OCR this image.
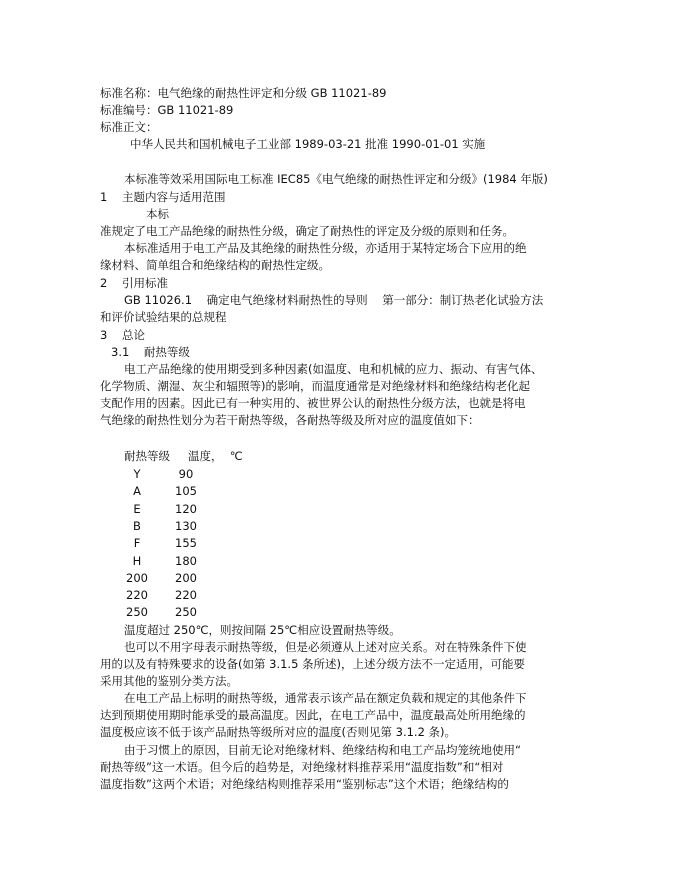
标准名称：电气绝缘的耐热性评定和分级 GB 11021-89
标准编号：GB 11021-89
标准正文：
中华人民共和国机械电子工业部 1989-03-21 批准 1990-01-01 实施
本标准等效采用国际电工标准 IEC85《电气绝缘的耐热性评定和分级》(1984 年版)
1    主题内容与适用范围
本标
准规定了电工产品绝缘的耐热性分级，确定了耐热性的评定及分级的原则和任务。
本标准适用于电工产品及其绝缘的耐热性分级，亦适用于某特定场合下应用的绝
缘材料、简单组合和绝缘结构的耐热性定级。
2    引用标准
GB 11026.1    确定电气绝缘材料耐热性的导则    第一部分：制订热老化试验方法
和评价试验结果的总规程
3    总论
3.1    耐热等级
电工产品绝缘的使用期受到多种因素(如温度、电和机械的应力、振动、有害气体、
化学物质、潮湿、灰尘和辐照等)的影响，而温度通常是对绝缘材料和绝缘结构老化起
支配作用的因素。因此已有一种实用的、被世界公认的耐热性分级方法，也就是将电
气绝缘的耐热性划分为若干耐热等级，各耐热等级及所对应的温度值如下：
耐热等级 温度，  ℃
Y	90
A	105
E	120
B	130
F	155
H	180
200	200
220	220
250	250
温度超过 250℃，则按间隔 25℃相应设置耐热等级。
也可以不用字母表示耐热等级，但是必须遵从上述对应关系。对在特殊条件下使
用的以及有特殊要求的设备(如第 3.1.5 条所述)，上述分级方法不一定适用，可能要
采用其他的鉴别分类方法。
在电工产品上标明的耐热等级，通常表示该产品在额定负载和规定的其他条件下
达到预期使用期时能承受的最高温度。因此，在电工产品中，温度最高处所用绝缘的
温度极应该不低于该产品耐热等级所对应的温度(否则见第 3.1.2 条)。
由于习惯上的原因，目前无论对绝缘材料、绝缘结构和电工产品均笼统地使用“
耐热等级”这一术语。但今后的趋势是，对绝缘材料推荐采用“温度指数”和“相对
温度指数”这两个术语；对绝缘结构则推荐采用“鉴别标志”这个术语；绝缘结构的
